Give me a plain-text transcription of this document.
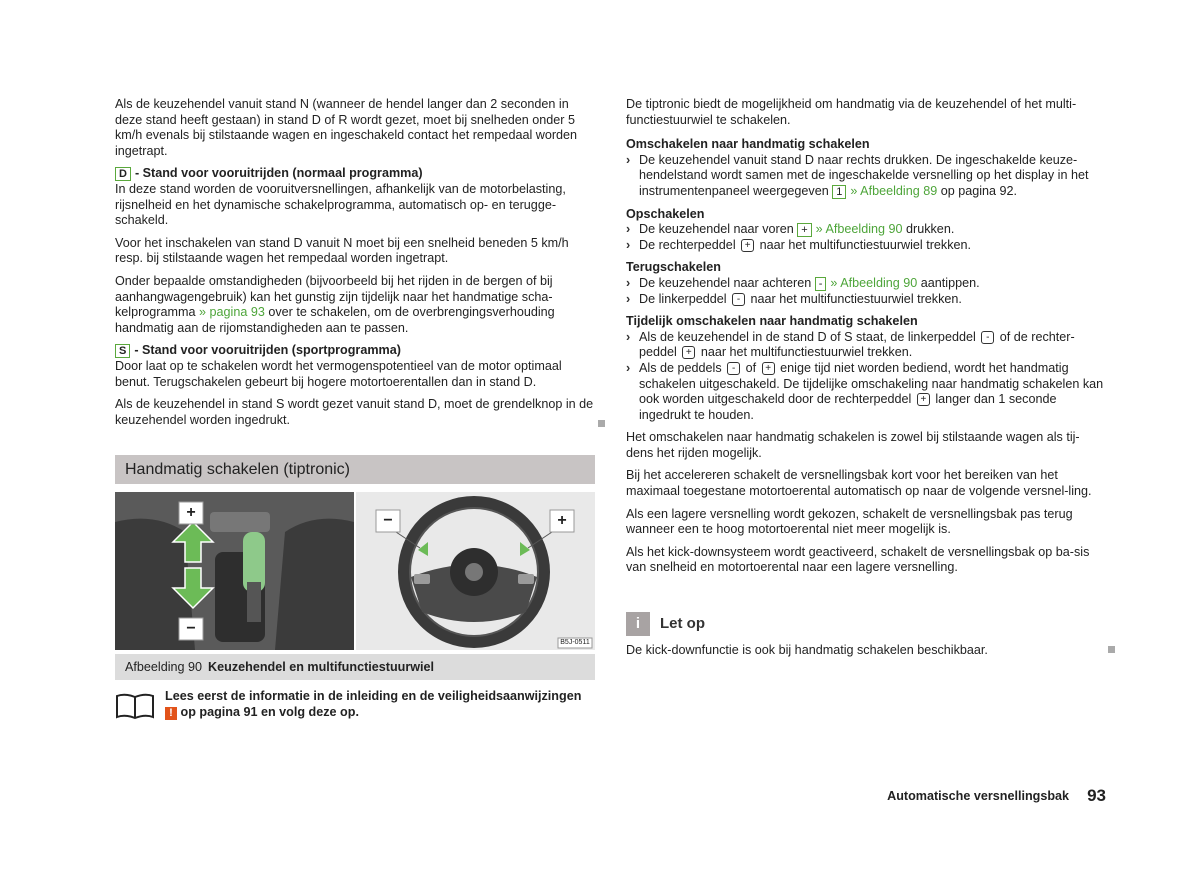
Als de keuzehendel vanuit stand N (wanneer de hendel langer dan 2 seconden in deze stand heeft gestaan) in stand D of R wordt gezet, moet bij snelheden onder 5 km/h evenals bij stilstaande wagen en ingeschakeld contact het rempedaal worden ingetrapt.

D - Stand voor vooruitrijden (normaal programma)
In deze stand worden de vooruitversnellingen, afhankelijk van de motorbelasting, rijsnelheid en het dynamische schakelprogramma, automatisch op- en terugge-schakeld.

Voor het inschakelen van stand D vanuit N moet bij een snelheid beneden 5 km/h resp. bij stilstaande wagen het rempedaal worden ingetrapt.

Onder bepaalde omstandigheden (bijvoorbeeld bij het rijden in de bergen of bij aanhangwagengebruik) kan het gunstig zijn tijdelijk naar het handmatige scha-kelprogramma » pagina 93 over te schakelen, om de overbrengingsverhouding handmatig aan de rijomstandigheden aan te passen.

S - Stand voor vooruitrijden (sportprogramma)
Door laat op te schakelen wordt het vermogenspotentieel van de motor optimaal benut. Terugschakelen gebeurt bij hogere motortoerentallen dan in stand D.

Als de keuzehendel in stand S wordt gezet vanuit stand D, moet de grendelknop in de keuzehendel worden ingedrukt.

Handmatig schakelen (tiptronic)
+
−
−	+
B5J-0511
Afbeelding 90 Keuzehendel en multifunctiestuurwiel
Lees eerst de informatie in de inleiding en de veiligheidsaanwijzingen
! op pagina 91 en volg deze op.

De tiptronic biedt de mogelijkheid om handmatig via de keuzehendel of het multi-functiestuurwiel te schakelen.

Omschakelen naar handmatig schakelen
› De keuzehendel vanuit stand D naar rechts drukken. De ingeschakelde keuze-hendelstand wordt samen met de ingeschakelde versnelling op het display in het instrumentenpaneel weergegeven 1 » Afbeelding 89 op pagina 92.
Opschakelen
› De keuzehendel naar voren + » Afbeelding 90 drukken.
› De rechterpeddel + naar het multifunctiestuurwiel trekken.
Terugschakelen
› De keuzehendel naar achteren - » Afbeelding 90 aantippen.
› De linkerpeddel - naar het multifunctiestuurwiel trekken.
Tijdelijk omschakelen naar handmatig schakelen
› Als de keuzehendel in de stand D of S staat, de linkerpeddel - of de rechter-peddel + naar het multifunctiestuurwiel trekken.
› Als de peddels - of + enige tijd niet worden bediend, wordt het handmatig schakelen uitgeschakeld. De tijdelijke omschakeling naar handmatig schakelen kan ook worden uitgeschakeld door de rechterpeddel + langer dan 1 seconde ingedrukt te houden.

Het omschakelen naar handmatig schakelen is zowel bij stilstaande wagen als tij-dens het rijden mogelijk.

Bij het accelereren schakelt de versnellingsbak kort voor het bereiken van het maximaal toegestane motortoerental automatisch op naar de volgende versnel-ling.

Als een lagere versnelling wordt gekozen, schakelt de versnellingsbak pas terug wanneer een te hoog motortoerental niet meer mogelijk is.

Als het kick-downsysteem wordt geactiveerd, schakelt de versnellingsbak op ba-sis van snelheid en motortoerental naar een lagere versnelling.

i	Let op
De kick-downfunctie is ook bij handmatig schakelen beschikbaar.
Automatische versnellingsbak 93
